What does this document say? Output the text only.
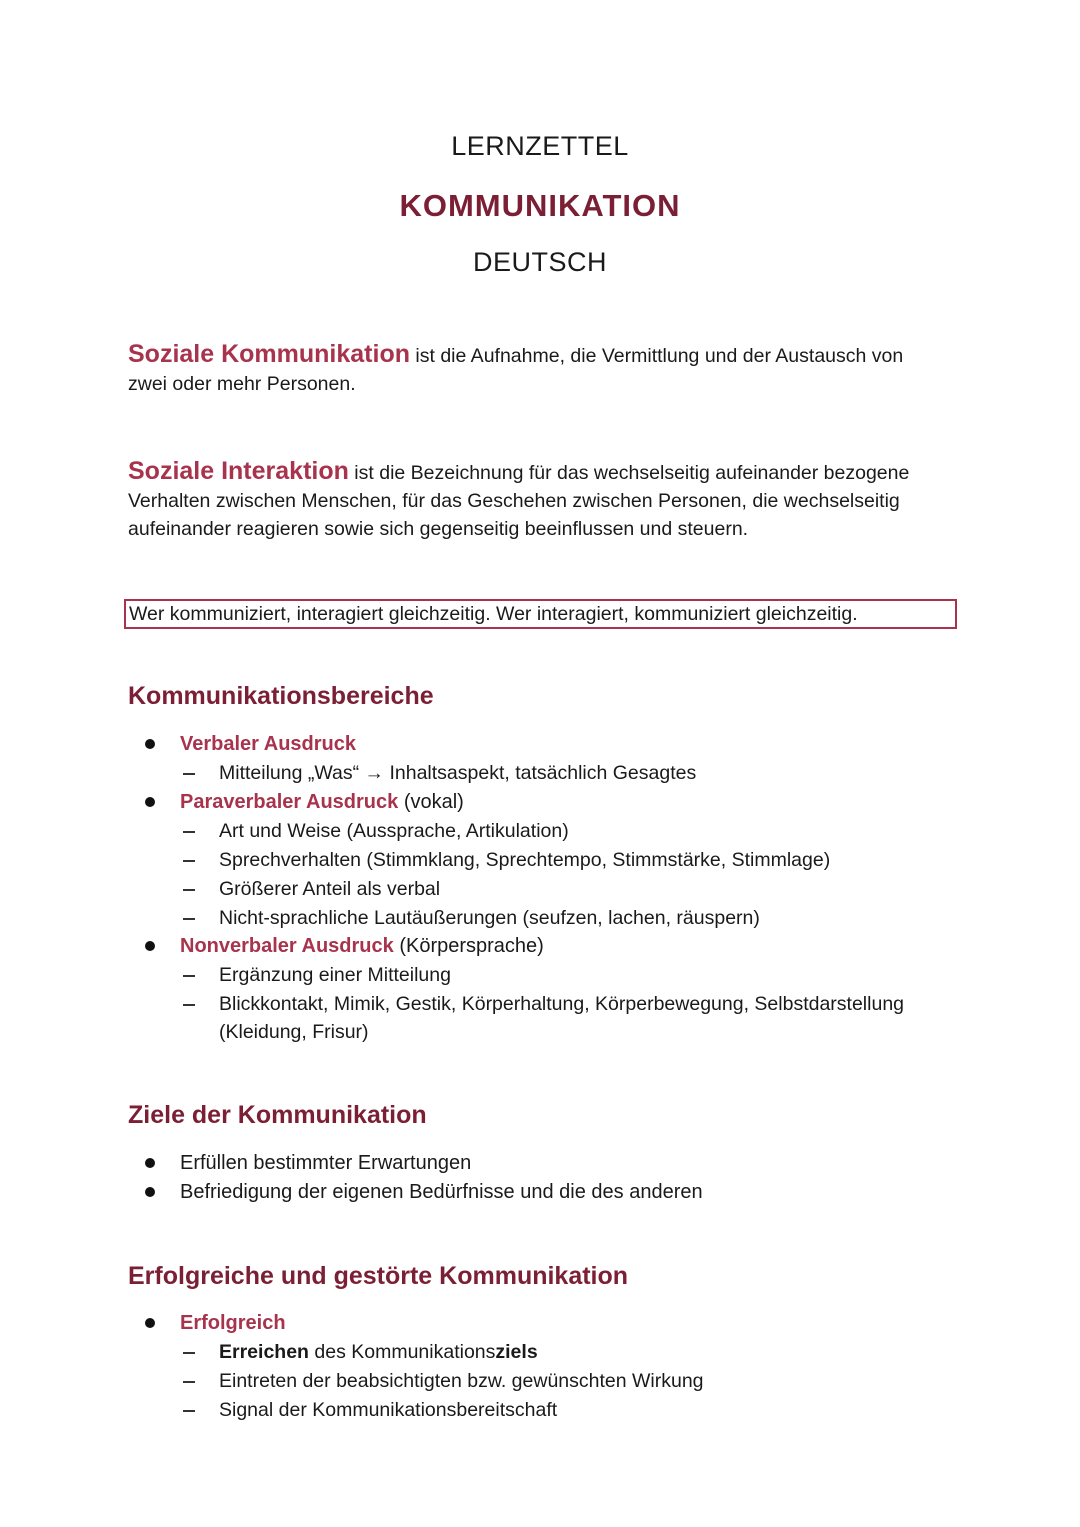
LERNZETTEL
KOMMUNIKATION
DEUTSCH
Soziale Kommunikation ist die Aufnahme, die Vermittlung und der Austausch von zwei oder mehr Personen.
Soziale Interaktion ist die Bezeichnung für das wechselseitig aufeinander bezogene Verhalten zwischen Menschen, für das Geschehen zwischen Personen, die wechselseitig aufeinander reagieren sowie sich gegenseitig beeinflussen und steuern.
Wer kommuniziert, interagiert gleichzeitig. Wer interagiert, kommuniziert gleichzeitig.
Kommunikationsbereiche
Verbaler Ausdruck
Mitteilung „Was“ → Inhaltsaspekt, tatsächlich Gesagtes
Paraverbaler Ausdruck (vokal)
Art und Weise (Aussprache, Artikulation)
Sprechverhalten (Stimmklang, Sprechtempo, Stimmstärke, Stimmlage)
Größerer Anteil als verbal
Nicht-sprachliche Lautäußerungen (seufzen, lachen, räuspern)
Nonverbaler Ausdruck (Körpersprache)
Ergänzung einer Mitteilung
Blickkontakt, Mimik, Gestik, Körperhaltung, Körperbewegung, Selbstdarstellung (Kleidung, Frisur)
Ziele der Kommunikation
Erfüllen bestimmter Erwartungen
Befriedigung der eigenen Bedürfnisse und die des anderen
Erfolgreiche und gestörte Kommunikation
Erfolgreich
Erreichen des Kommunikationsziels
Eintreten der beabsichtigten bzw. gewünschten Wirkung
Signal der Kommunikationsbereitschaft
